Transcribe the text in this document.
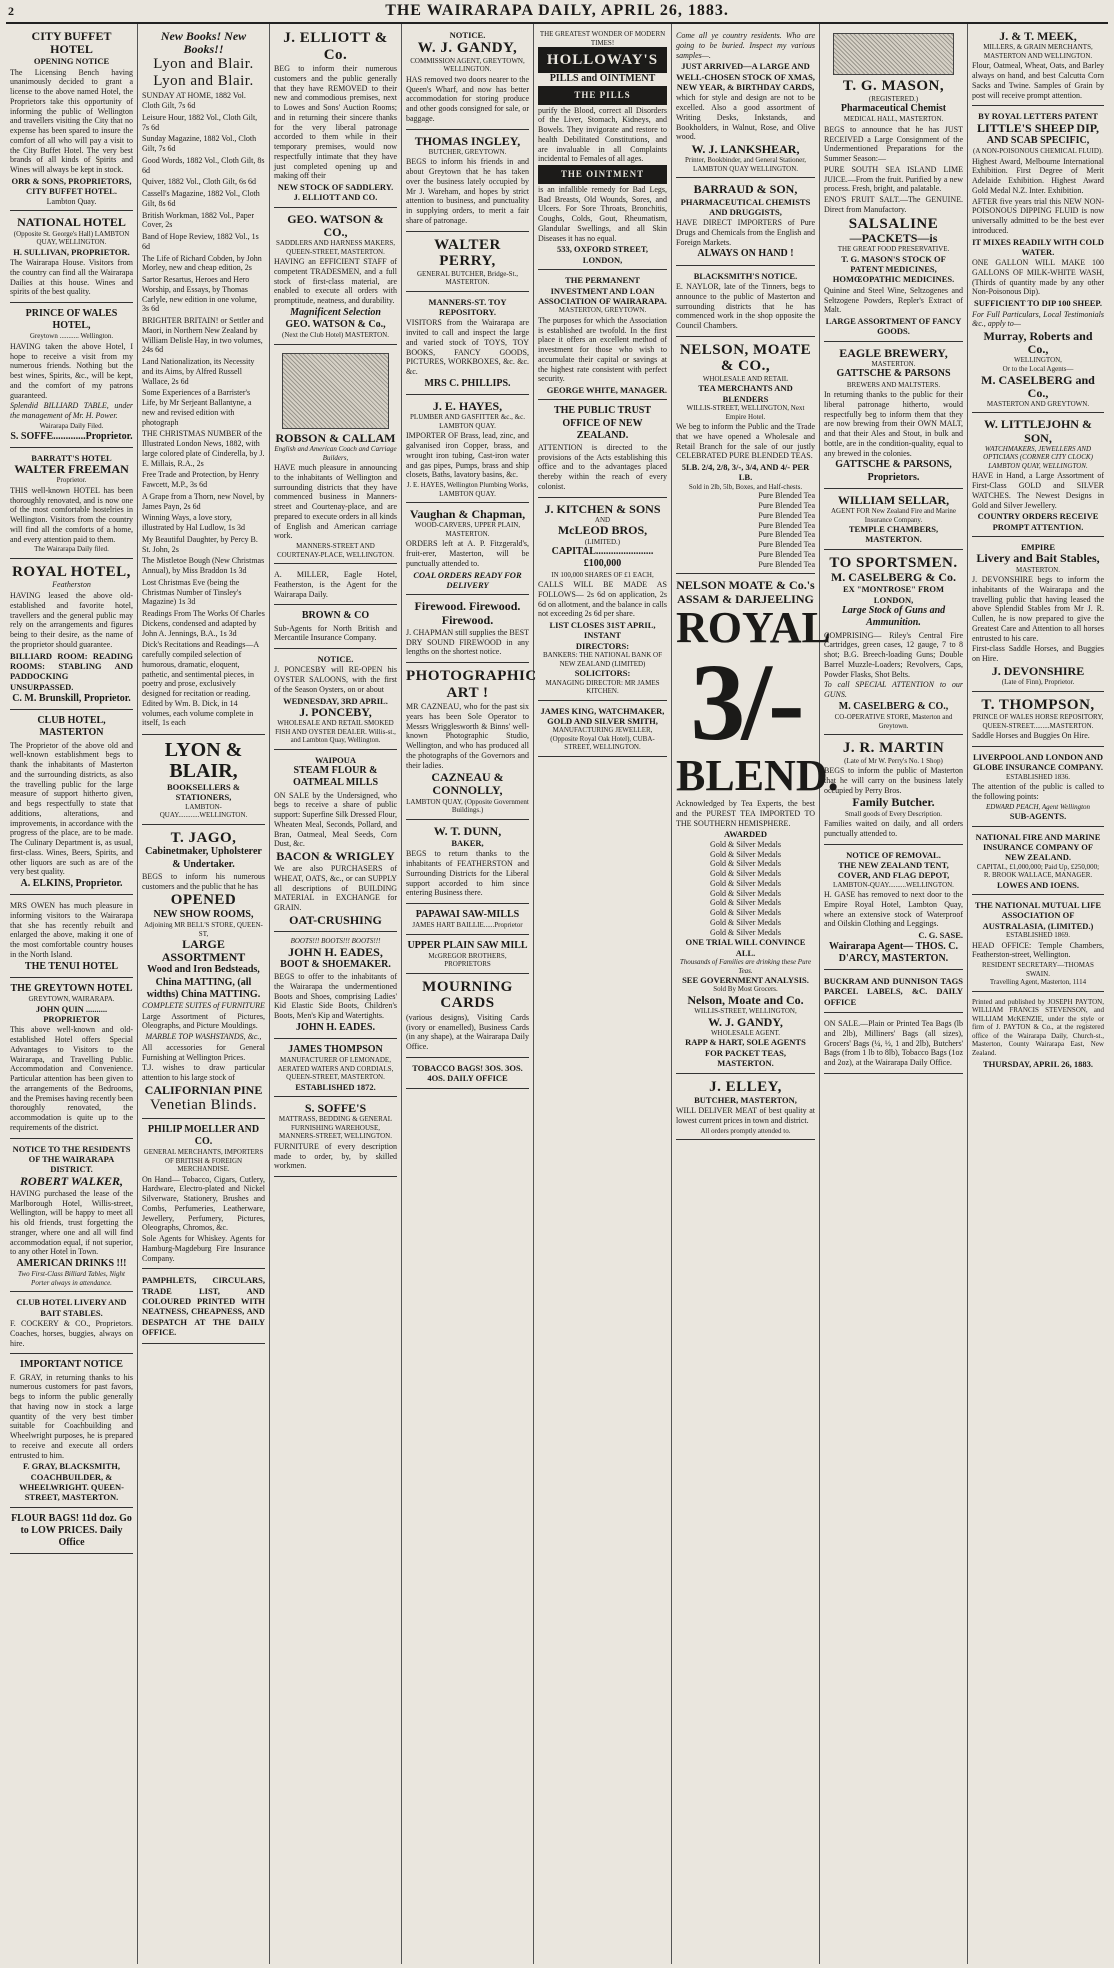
2	THE WAIRARAPA DAILY, APRIL 26, 1883.
CITY BUFFET HOTEL
OPENING NOTICE

The Licensing Bench having unanimously decided to grant a license to the above named Hotel, the Proprietors take this opportunity of informing the public of Wellington and travellers visiting the City that no expense has been spared to insure the comfort of all who will pay a visit to the City Buffet Hotel. The very best brands of all kinds of Spirits and Wines will always be kept in stock.

ORR & SONS, PROPRIETORS, CITY BUFFET HOTEL.
Lambton Quay.
NATIONAL HOTEL
(Opposite St. George's Hall) LAMBTON QUAY, WELLINGTON.
H. SULLIVAN, PROPRIETOR.

The Wairarapa House. Visitors from the country can find all the Wairarapa Dailies at this house. Wines and spirits of the best quality.

PRINCE OF WALES HOTEL,
Greytown ........... Wellington.

HAVING taken the above Hotel, I hope to receive a visit from my numerous friends. Nothing but the best wines, Spirits, &c., will be kept, and the comfort of my patrons guaranteed.

Splendid BILLIARD TABLE, under the management of Mr. H. Power.

Wairarapa Daily Filed.
S. SOFFE.............Proprietor.
BARRATT'S HOTEL
WALTER FREEMAN
Proprietor.

THIS well-known HOTEL has been thoroughly renovated, and is now one of the most comfortable hostelries in Wellington. Visitors from the country will find all the comforts of a home, and every attention paid to them.

The Wairarapa Daily filed.
ROYAL HOTEL,
Featherston

HAVING leased the above old-established and favorite hotel, travellers and the general public may rely on the arrangements and figures being to their desire, as the name of the proprietor should guarantee.

BILLIARD ROOM: READING ROOMS: STABLING AND PADDOCKING UNSURPASSED.

C. M. Brunskill, Proprietor.
CLUB HOTEL, MASTERTON

The Proprietor of the above old and well-known establishment begs to thank the inhabitants of Masterton and the surrounding districts, as also the travelling public for the large measure of support hitherto given, and begs respectfully to state that additions, alterations, and improvements, in accordance with the progress of the place, are to be made. The Culinary Department is, as usual, first-class. Wines, Beers, Spirits, and other liquors are such as are of the very best quality.

A. ELKINS, Proprietor.

MRS OWEN has much pleasure in informing visitors to the Wairarapa that she has recently rebuilt and enlarged the above, making it one of the most comfortable country houses in the North Island.

THE TENUI HOTEL
THE GREYTOWN HOTEL
GREYTOWN, WAIRARAPA.
JOHN QUIN .......... PROPRIETOR

This above well-known and old-established Hotel offers Special Advantages to Visitors to the Wairarapa, and Travelling Public. Accommodation and Convenience. Particular attention has been given to the arrangements of the Bedrooms, and the Premises having recently been thoroughly renovated, the accommodation is quite up to the requirements of the district.

NOTICE TO THE RESIDENTS OF THE WAIRARAPA DISTRICT.
ROBERT WALKER,

HAVING purchased the lease of the Marlborough Hotel, Willis-street, Wellington, will be happy to meet all his old friends, trust forgetting the stranger, where one and all will find accommodation equal, if not superior, to any other Hotel in Town.

AMERICAN DRINKS !!!
Two First-Class Billiard Tables, Night Porter always in attendance.
CLUB HOTEL LIVERY AND BAIT STABLES.

F. COCKERY & CO., Proprietors. Coaches, horses, buggies, always on hire.

IMPORTANT NOTICE

F. GRAY, in returning thanks to his numerous customers for past favors, begs to inform the public generally that having now in stock a large quantity of the very best timber suitable for Coachbuilding and Wheelwright purposes, he is prepared to receive and execute all orders entrusted to him.

F. GRAY, BLACKSMITH, COACHBUILDER, & WHEELWRIGHT. QUEEN-STREET, MASTERTON.
FLOUR BAGS! 11d doz. Go to LOW PRICES. Daily Office
New Books! New Books!!
Lyon and Blair.
Lyon and Blair.
SUNDAY AT HOME, 1882 Vol. Cloth Gilt, 7s 6d
Leisure Hour, 1882 Vol., Cloth Gilt, 7s 6d
Sunday Magazine, 1882 Vol., Cloth Gilt, 7s 6d
Good Words, 1882 Vol., Cloth Gilt, 8s 6d
Quiver, 1882 Vol., Cloth Gilt, 6s 6d
Cassell's Magazine, 1882 Vol., Cloth Gilt, 8s 6d
British Workman, 1882 Vol., Paper Cover, 2s
Band of Hope Review, 1882 Vol., 1s 6d
The Life of Richard Cobden, by John Morley, new and cheap edition, 2s
Sartor Resartus, Heroes and Hero Worship, and Essays, by Thomas Carlyle, new edition in one volume, 3s 6d
BRIGHTER BRITAIN! or Settler and Maori, in Northern New Zealand by William Delisle Hay, in two volumes, 24s 6d
Land Nationalization, its Necessity and its Aims, by Alfred Russell Wallace, 2s 6d
Some Experiences of a Barrister's Life, by Mr Serjeant Ballantyne, a new and revised edition with photograph
THE CHRISTMAS NUMBER of the Illustrated London News, 1882, with large colored plate of Cinderella, by J. E. Millais, R.A., 2s
Free Trade and Protection, by Henry Fawcett, M.P., 3s 6d
A Grape from a Thorn, new Novel, by James Payn, 2s 6d
Winning Ways, a love story, illustrated by Hal Ludlow, 1s 3d
My Beautiful Daughter, by Percy B. St. John, 2s
The Mistletoe Bough (New Christmas Annual), by Miss Braddon 1s 3d
Lost Christmas Eve (being the Christmas Number of Tinsley's Magazine) 1s 3d
Readings From The Works Of Charles Dickens, condensed and adapted by John A. Jennings, B.A., 1s 3d
Dick's Recitations and Readings—A carefully compiled selection of humorous, dramatic, eloquent, pathetic, and sentimental pieces, in poetry and prose, exclusively designed for recitation or reading. Edited by Wm. B. Dick, in 14 volumes, each volume complete in itself, 1s each
LYON & BLAIR,
BOOKSELLERS & STATIONERS,
LAMBTON-QUAY............WELLINGTON.
T. JAGO,
Cabinetmaker, Upholsterer & Undertaker.

BEGS to inform his numerous customers and the public that he has

OPENED
NEW SHOW ROOMS,
Adjoining MR BELL'S STORE, QUEEN-ST,
LARGE ASSORTMENT
Wood and Iron Bedsteads,
China MATTING, (all widths) China MATTING.
COMPLETE SUITES of FURNITURE

Large Assortment of Pictures, Oleographs, and Picture Mouldings.

MARBLE TOP WASHSTANDS, &c.,

All accessories for General Furnishing at Wellington Prices.

T.J. wishes to draw particular attention to his large stock of

CALIFORNIAN PINE
Venetian Blinds.
PHILIP MOELLER AND CO.
GENERAL MERCHANTS, IMPORTERS OF BRITISH & FOREIGN MERCHANDISE.

On Hand— Tobacco, Cigars, Cutlery, Hardware, Electro-plated and Nickel Silverware, Stationery, Brushes and Combs, Perfumeries, Leatherware, Jewellery, Perfumery, Pictures, Oleographs, Chromos, &c.

Sole Agents for Whiskey. Agents for Hamburg-Magdeburg Fire Insurance Company.

PAMPHLETS, CIRCULARS, TRADE LIST, AND COLOURED PRINTED WITH NEATNESS, CHEAPNESS, AND DESPATCH AT THE DAILY OFFICE.

J. ELLIOTT & Co.

BEG to inform their numerous customers and the public generally that they have REMOVED to their new and commodious premises, next to Lowes and Sons' Auction Rooms; and in returning their sincere thanks for the very liberal patronage accorded to them while in their temporary premises, would now respectfully intimate that they have just completed opening up and making off their

NEW STOCK OF SADDLERY.
J. ELLIOTT AND CO.
GEO. WATSON & CO.,
SADDLERS AND HARNESS MAKERS, QUEEN-STREET, MASTERTON.

HAVING an EFFICIENT STAFF of competent TRADESMEN, and a full stock of first-class material, are enabled to execute all orders with promptitude, neatness, and durability.

Magnificent Selection
GEO. WATSON & Co.,
(Next the Club Hotel) MASTERTON.
ROBSON & CALLAM
English and American Coach and Carriage Builders,

HAVE much pleasure in announcing to the inhabitants of Wellington and surrounding districts that they have commenced business in Manners-street and Courtenay-place, and are prepared to execute orders in all kinds of English and American carriage work.

MANNERS-STREET AND COURTENAY-PLACE, WELLINGTON.

A. MILLER, Eagle Hotel, Featherston, is the Agent for the Wairarapa Daily.

BROWN & CO

Sub-Agents for North British and Mercantile Insurance Company.

NOTICE.

J. PONCESBY will RE-OPEN his OYSTER SALOONS, with the first of the Season Oysters, on or about

WEDNESDAY, 3RD APRIL.
J. PONCEBY,
WHOLESALE AND RETAIL SMOKED FISH AND OYSTER DEALER. Willis-st., and Lambton Quay, Wellington.
WAIPOUA
STEAM FLOUR & OATMEAL MILLS

ON SALE by the Undersigned, who begs to receive a share of public support: Superfine Silk Dressed Flour, Wheaten Meal, Seconds, Pollard, and Bran, Oatmeal, Meal Seeds, Corn Dust, &c.

BACON & WRIGLEY

We are also PURCHASERS of WHEAT, OATS, &c., or can SUPPLY all descriptions of BUILDING MATERIAL in EXCHANGE for GRAIN.

OAT-CRUSHING
BOOTS!!! BOOTS!!! BOOTS!!!
JOHN H. EADES,
BOOT & SHOEMAKER.

BEGS to offer to the inhabitants of the Wairarapa the undermentioned Boots and Shoes, comprising Ladies' Kid Elastic Side Boots, Children's Boots, Men's Kip and Watertights.

JOHN H. EADES.
JAMES THOMPSON
MANUFACTURER OF LEMONADE, AERATED WATERS AND CORDIALS, QUEEN-STREET, MASTERTON.
ESTABLISHED 1872.
S. SOFFE'S
MATTRASS, BEDDING & GENERAL FURNISHING WAREHOUSE, MANNERS-STREET, WELLINGTON.

FURNITURE of every description made to order, by, by skilled workmen.

NOTICE.
W. J. GANDY,
COMMISSION AGENT, GREYTOWN, WELLINGTON.

HAS removed two doors nearer to the Queen's Wharf, and now has better accommodation for storing produce and other goods consigned for sale, or baggage.

THOMAS INGLEY,
BUTCHER, GREYTOWN.

BEGS to inform his friends in and about Greytown that he has taken over the business lately occupied by Mr J. Wareham, and hopes by strict attention to business, and punctuality in supplying orders, to merit a fair share of patronage.

WALTER PERRY,
GENERAL BUTCHER, Bridge-St., MASTERTON.
MANNERS-ST. TOY REPOSITORY.

VISITORS from the Wairarapa are invited to call and inspect the large and varied stock of TOYS, TOY BOOKS, FANCY GOODS, PICTURES, WORKBOXES, &c. &c. &c.

MRS C. PHILLIPS.
J. E. HAYES,
PLUMBER AND GASFITTER &c., &c. LAMBTON QUAY.

IMPORTER OF Brass, lead, zinc, and galvanised iron Copper, brass, and wrought iron tubing, Cast-iron water and gas pipes, Pumps, brass and ship closets, Baths, lavatory basins, &c.

J. E. HAYES, Wellington Plumbing Works, LAMBTON QUAY.
Vaughan & Chapman,
WOOD-CARVERS, UPPER PLAIN, MASTERTON.

ORDERS left at A. P. Fitzgerald's, fruit-erer, Masterton, will be punctually attended to.

COAL ORDERS READY FOR DELIVERY
Firewood. Firewood. Firewood.

J. CHAPMAN still supplies the BEST DRY SOUND FIREWOOD in any lengths on the shortest notice.

PHOTOGRAPHIC ART !

MR CAZNEAU, who for the past six years has been Sole Operator to Messrs Wrigglesworth & Binns' well-known Photographic Studio, Wellington, and who has produced all the photographs of the Governors and their ladies.

CAZNEAU & CONNOLLY,
LAMBTON QUAY, (Opposite Government Buildings.)
W. T. DUNN,
BAKER,

BEGS to return thanks to the inhabitants of FEATHERSTON and Surrounding Districts for the Liberal support accorded to him since entering Business there.

PAPAWAI SAW-MILLS
JAMES HART BAILLIE......Proprietor
UPPER PLAIN SAW MILL
McGREGOR BROTHERS, PROPRIETORS
MOURNING CARDS

(various designs), Visiting Cards (ivory or enamelled), Business Cards (in any shape), at the Wairarapa Daily Office.

TOBACCO BAGS! 3OS. 3OS. 4OS. DAILY OFFICE
THE GREATEST WONDER OF MODERN TIMES!
HOLLOWAY'S
PILLS and OINTMENT
THE PILLS

purify the Blood, correct all Disorders of the Liver, Stomach, Kidneys, and Bowels. They invigorate and restore to health Debilitated Constitutions, and are invaluable in all Complaints incidental to Females of all ages.

THE OINTMENT

is an infallible remedy for Bad Legs, Bad Breasts, Old Wounds, Sores, and Ulcers. For Sore Throats, Bronchitis, Coughs, Colds, Gout, Rheumatism, Glandular Swellings, and all Skin Diseases it has no equal.

533, OXFORD STREET, LONDON,
THE PERMANENT INVESTMENT AND LOAN ASSOCIATION OF WAIRARAPA.
MASTERTON, GREYTOWN.

The purposes for which the Association is established are twofold. In the first place it offers an excellent method of investment for those who wish to accumulate their capital or savings at the highest rate consistent with perfect security.

GEORGE WHITE, MANAGER.
THE PUBLIC TRUST OFFICE OF NEW ZEALAND.

ATTENTION is directed to the provisions of the Acts establishing this office and to the advantages placed thereby within the reach of every colonist.

J. KITCHEN & SONS
AND
McLEOD BROS,
(LIMITED.)
CAPITAL.......................£100,000
IN 100,000 SHARES OF £1 EACH,

CALLS WILL BE MADE AS FOLLOWS— 2s 6d on application, 2s 6d on allotment, and the balance in calls not exceeding 2s 6d per share.

LIST CLOSES 31ST APRIL, INSTANT
DIRECTORS:
BANKERS: THE NATIONAL BANK OF NEW ZEALAND (LIMITED)
SOLICITORS:
MANAGING DIRECTOR: MR JAMES KITCHEN.
JAMES KING, WATCHMAKER, GOLD AND SILVER SMITH,
MANUFACTURING JEWELLER, (Opposite Royal Oak Hotel), CUBA-STREET, WELLINGTON.

Come all ye country residents. Who are going to be buried. Inspect my various samples—.

JUST ARRIVED—A LARGE AND WELL-CHOSEN STOCK OF XMAS, NEW YEAR, & BIRTHDAY CARDS,

which for style and design are not to be excelled. Also a good assortment of Writing Desks, Inkstands, and Bookholders, in Walnut, Rose, and Olive wood.

W. J. LANKSHEAR,
Printer, Bookbinder, and General Stationer, LAMBTON QUAY WELLINGTON.
BARRAUD & SON,
PHARMACEUTICAL CHEMISTS AND DRUGGISTS,

HAVE DIRECT IMPORTERS of Pure Drugs and Chemicals from the English and Foreign Markets.

ALWAYS ON HAND !
BLACKSMITH'S NOTICE.

E. NAYLOR, late of the Tinners, begs to announce to the public of Masterton and surrounding districts that he has commenced work in the shop opposite the Council Chambers.

NELSON, MOATE & CO.,
WHOLESALE AND RETAIL
TEA MERCHANTS AND BLENDERS
WILLIS-STREET, WELLINGTON, Next Empire Hotel.

We beg to inform the Public and the Trade that we have opened a Wholesale and Retail Branch for the sale of our justly CELEBRATED PURE BLENDED TEAS.

5LB. 2/4, 2/8, 3/-, 3/4, AND 4/- PER LB.
Sold in 2lb, 5lb, Boxes, and Half-chests.
Pure Blended Tea
Pure Blended Tea
Pure Blended Tea
Pure Blended Tea
Pure Blended Tea
Pure Blended Tea
Pure Blended Tea
Pure Blended Tea
NELSON MOATE & Co.'s
ASSAM & DARJEELING
ROYAL
3/-
BLEND.

Acknowledged by Tea Experts, the best and the PUREST TEA IMPORTED TO THE SOUTHERN HEMISPHERE.

AWARDED
Gold & Silver Medals
Gold & Silver Medals
Gold & Silver Medals
Gold & Silver Medals
Gold & Silver Medals
Gold & Silver Medals
Gold & Silver Medals
Gold & Silver Medals
Gold & Silver Medals
Gold & Silver Medals
ONE TRIAL WILL CONVINCE ALL.
Thousands of Families are drinking these Pure Teas.
SEE GOVERNMENT ANALYSIS.
Sold By Most Grocers.
Nelson, Moate and Co.
WILLIS-STREET, WELLINGTON,
W. J. GANDY,
WHOLESALE AGENT.
RAPP & HART, SOLE AGENTS FOR PACKET TEAS, MASTERTON.
J. ELLEY,
BUTCHER, MASTERTON,

WILL DELIVER MEAT of best quality at lowest current prices in town and district.

All orders promptly attended to.
T. G. MASON,
(REGISTERED.)
Pharmaceutical Chemist
MEDICAL HALL, MASTERTON.

BEGS to announce that he has JUST RECEIVED a Large Consignment of the Undermentioned Preparations for the Summer Season:—

PURE SOUTH SEA ISLAND LIME JUICE.—From the fruit. Purified by a new process. Fresh, bright, and palatable.

ENO'S FRUIT SALT.—The GENUINE. Direct from Manufactory.

SALSALINE
—PACKETS—is
THE GREAT FOOD PRESERVATIVE.
T. G. MASON'S STOCK OF PATENT MEDICINES,
HOMŒOPATHIC MEDICINES.

Quinine and Steel Wine, Seltzogenes and Seltzogene Powders, Repler's Extract of Malt.

LARGE ASSORTMENT OF FANCY GOODS.
EAGLE BREWERY,
MASTERTON.
GATTSCHE & PARSONS
BREWERS AND MALTSTERS.

In returning thanks to the public for their liberal patronage hitherto, would respectfully beg to inform them that they are now brewing from their OWN MALT, and that their Ales and Stout, in bulk and bottle, are in the condition-quality, equal to any brewed in the colonies.

GATTSCHE & PARSONS, Proprietors.
WILLIAM SELLAR,
AGENT FOR New Zealand Fire and Marine Insurance Company.
TEMPLE CHAMBERS, MASTERTON.
TO SPORTSMEN.
M. CASELBERG & Co.
EX "MONTROSE" FROM LONDON,
Large Stock of Guns and Ammunition.

COMPRISING— Riley's Central Fire Cartridges, green cases, 12 gauge, 7 to 8 shot; B.G. Breech-loading Guns; Double Barrel Muzzle-Loaders; Revolvers, Caps, Powder Flasks, Shot Belts.

To call SPECIAL ATTENTION to our GUNS.

M. CASELBERG & CO.,
CO-OPERATIVE STORE, Masterton and Greytown.
J. R. MARTIN
(Late of Mr W. Perry's No. 1 Shop)

BEGS to inform the public of Masterton that he will carry on the business lately occupied by Perry Bros.

Family Butcher.
Small goods of Every Description.

Families waited on daily, and all orders punctually attended to.

NOTICE OF REMOVAL.
THE NEW ZEALAND TENT, COVER, AND FLAG DEPOT,
LAMBTON-QUAY..........WELLINGTON.

H. GASE has removed to next door to the Empire Royal Hotel, Lambton Quay, where an extensive stock of Waterproof and Oilskin Clothing and Leggings.

C. G. SASE.
Wairarapa Agent— THOS. C. D'ARCY, MASTERTON.

BUCKRAM AND DUNNISON TAGS PARCEL LABELS, &C. DAILY OFFICE

ON SALE.—Plain or Printed Tea Bags (lb and 2lb), Milliners' Bags (all sizes), Grocers' Bags (¼, ½, 1 and 2lb), Butchers' Bags (from 1 lb to 8lb), Tobacco Bags (1oz and 2oz), at the Wairarapa Daily Office.

J. & T. MEEK,
MILLERS, & GRAIN MERCHANTS, MASTERTON AND WELLINGTON.

Flour, Oatmeal, Wheat, Oats, and Barley always on hand, and best Calcutta Corn Sacks and Twine. Samples of Grain by post will receive prompt attention.

BY ROYAL LETTERS PATENT
LITTLE'S SHEEP DIP,
AND SCAB SPECIFIC,
(A NON-POISONOUS CHEMICAL FLUID).

Highest Award, Melbourne International Exhibition. First Degree of Merit Adelaide Exhibition. Highest Award Gold Medal N.Z. Inter. Exhibition.

AFTER five years trial this NEW NON-POISONOUS DIPPING FLUID is now universally admitted to be the best ever introduced.

IT MIXES READILY WITH COLD WATER.

ONE GALLON WILL MAKE 100 GALLONS OF MILK-WHITE WASH, (Thirds of quantity made by any other Non-Poisonous Dip).

SUFFICIENT TO DIP 100 SHEEP.

For Full Particulars, Local Testimonials &c., apply to—

Murray, Roberts and Co.,
WELLINGTON,
Or to the Local Agents—
M. CASELBERG and Co.,
MASTERTON AND GREYTOWN.
W. LITTLEJOHN & SON,
WATCHMAKERS, JEWELLERS AND OPTICIANS (CORNER CITY CLOCK) LAMBTON QUAY, WELLINGTON.

HAVE in Hand, a Large Assortment of First-Class GOLD and SILVER WATCHES. The Newest Designs in Gold and Silver Jewellery.

COUNTRY ORDERS RECEIVE PROMPT ATTENTION.
EMPIRE
Livery and Bait Stables,
MASTERTON.

J. DEVONSHIRE begs to inform the inhabitants of the Wairarapa and the travelling public that having leased the above Splendid Stables from Mr J. R. Cullen, he is now prepared to give the Greatest Care and Attention to all horses entrusted to his care.

First-class Saddle Horses, and Buggies on Hire.

J. DEVONSHIRE
(Late of Finn), Proprietor.
T. THOMPSON,
PRINCE OF WALES HORSE REPOSITORY,
QUEEN-STREET.........MASTERTON.

Saddle Horses and Buggies On Hire.

LIVERPOOL AND LONDON AND GLOBE INSURANCE COMPANY.
ESTABLISHED 1836.

The attention of the public is called to the following points:

EDWARD PEACH, Agent Wellington
SUB-AGENTS.
NATIONAL FIRE AND MARINE INSURANCE COMPANY OF NEW ZEALAND.
CAPITAL, £1,000,000; Paid Up, £250,000;
R. BROOK WALLACE, MANAGER.
LOWES AND IOENS.
THE NATIONAL MUTUAL LIFE ASSOCIATION OF AUSTRALASIA, (LIMITED.)
ESTABLISHED 1869.

HEAD OFFICE: Temple Chambers, Featherston-street, Wellington.

RESIDENT SECRETARY—THOMAS SWAIN.
Travelling Agent, Masterton, 1114

Printed and published by JOSEPH PAYTON, WILLIAM FRANCIS STEVENSON, and WILLIAM McKENZIE, under the style or firm of J. PAYTON & Co., at the registered office of the Wairarapa Daily, Church-st., Masterton, County Wairarapa East, New Zealand.

THURSDAY, APRIL 26, 1883.
